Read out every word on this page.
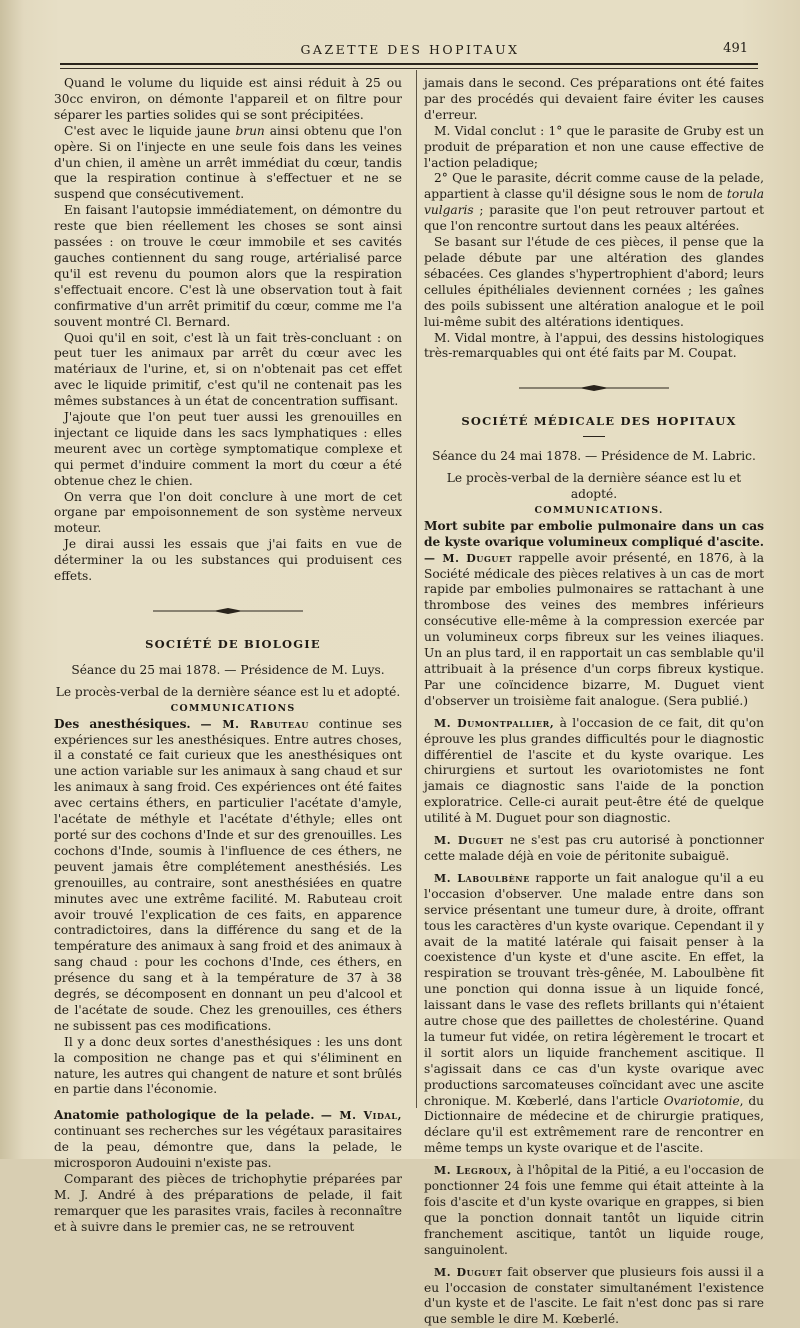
GAZETTE DES HOPITAUX	491

Quand le volume du liquide est ainsi réduit à 25 ou 30cc environ, on démonte l'appareil et on filtre pour séparer les parties solides qui se sont précipitées.

C'est avec le liquide jaune brun ainsi obtenu que l'on opère. Si on l'injecte en une seule fois dans les veines d'un chien, il amène un arrêt immédiat du cœur, tandis que la respiration continue à s'effectuer et ne se suspend que consécutivement.

En faisant l'autopsie immédiatement, on démontre du reste que bien réellement les choses se sont ainsi passées : on trouve le cœur immobile et ses cavités gauches contiennent du sang rouge, artérialisé parce qu'il est revenu du poumon alors que la respiration s'effectuait encore. C'est là une observation tout à fait confirmative d'un arrêt primitif du cœur, comme me l'a souvent montré Cl. Bernard.

Quoi qu'il en soit, c'est là un fait très-concluant : on peut tuer les animaux par arrêt du cœur avec les matériaux de l'urine, et, si on n'obtenait pas cet effet avec le liquide primitif, c'est qu'il ne contenait pas les mêmes substances à un état de concentration suffisant.

J'ajoute que l'on peut tuer aussi les grenouilles en injectant ce liquide dans les sacs lymphatiques : elles meurent avec un cortège symptomatique complexe et qui permet d'induire comment la mort du cœur a été obtenue chez le chien.

On verra que l'on doit conclure à une mort de cet organe par empoisonnement de son système nerveux moteur.

Je dirai aussi les essais que j'ai faits en vue de déterminer la ou les substances qui produisent ces effets.

SOCIÉTÉ DE BIOLOGIE

Séance du 25 mai 1878. — Présidence de M. Luys.

Le procès-verbal de la dernière séance est lu et adopté.

COMMUNICATIONS

Des anesthésiques. — M. Rabuteau continue ses expériences sur les anesthésiques. Entre autres choses, il a constaté ce fait curieux que les anesthésiques ont une action variable sur les animaux à sang chaud et sur les animaux à sang froid. Ces expériences ont été faites avec certains éthers, en particulier l'acétate d'amyle, l'acétate de méthyle et l'acétate d'éthyle; elles ont porté sur des cochons d'Inde et sur des grenouilles. Les cochons d'Inde, soumis à l'influence de ces éthers, ne peuvent jamais être complétement anesthésiés. Les grenouilles, au contraire, sont anesthésiées en quatre minutes avec une extrême facilité. M. Rabuteau croit avoir trouvé l'explication de ces faits, en apparence contradictoires, dans la différence du sang et de la température des animaux à sang froid et des animaux à sang chaud : pour les cochons d'Inde, ces éthers, en présence du sang et à la température de 37 à 38 degrés, se décomposent en donnant un peu d'alcool et de l'acétate de soude. Chez les grenouilles, ces éthers ne subissent pas ces modifications.

Il y a donc deux sortes d'anesthésiques : les uns dont la composition ne change pas et qui s'éliminent en nature, les autres qui changent de nature et sont brûlés en partie dans l'économie.

Anatomie pathologique de la pelade. — M. Vidal, continuant ses recherches sur les végétaux parasitaires de la peau, démontre que, dans la pelade, le microsporon Audouini n'existe pas.

Comparant des pièces de trichophytie préparées par M. J. André à des préparations de pelade, il fait remarquer que les parasites vrais, faciles à reconnaître et à suivre dans le premier cas, ne se retrouvent

jamais dans le second. Ces préparations ont été faites par des procédés qui devaient faire éviter les causes d'erreur.

M. Vidal conclut : 1° que le parasite de Gruby est un produit de préparation et non une cause effective de l'action peladique;

2° Que le parasite, décrit comme cause de la pelade, appartient à classe qu'il désigne sous le nom de torula vulgaris ; parasite que l'on peut retrouver partout et que l'on rencontre surtout dans les peaux altérées.

Se basant sur l'étude de ces pièces, il pense que la pelade débute par une altération des glandes sébacées. Ces glandes s'hypertrophient d'abord; leurs cellules épithéliales deviennent cornées ; les gaînes des poils subissent une altération analogue et le poil lui-même subit des altérations identiques.

M. Vidal montre, à l'appui, des dessins histologiques très-remarquables qui ont été faits par M. Coupat.

SOCIÉTÉ MÉDICALE DES HOPITAUX

Séance du 24 mai 1878. — Présidence de M. Labric.

Le procès-verbal de la dernière séance est lu et adopté.

COMMUNICATIONS.

Mort subite par embolie pulmonaire dans un cas de kyste ovarique volumineux compliqué d'ascite. — M. Duguet rappelle avoir présenté, en 1876, à la Société médicale des pièces relatives à un cas de mort rapide par embolies pulmonaires se rattachant à une thrombose des veines des membres inférieurs consécutive elle-même à la compression exercée par un volumineux corps fibreux sur les veines iliaques. Un an plus tard, il en rapportait un cas semblable qu'il attribuait à la présence d'un corps fibreux kystique. Par une coïncidence bizarre, M. Duguet vient d'observer un troisième fait analogue. (Sera publié.)

M. Dumontpallier, à l'occasion de ce fait, dit qu'on éprouve les plus grandes difficultés pour le diagnostic différentiel de l'ascite et du kyste ovarique. Les chirurgiens et surtout les ovariotomistes ne font jamais ce diagnostic sans l'aide de la ponction exploratrice. Celle-ci aurait peut-être été de quelque utilité à M. Duguet pour son diagnostic.

M. Duguet ne s'est pas cru autorisé à ponctionner cette malade déjà en voie de péritonite subaiguë.

M. Laboulbène rapporte un fait analogue qu'il a eu l'occasion d'observer. Une malade entre dans son service présentant une tumeur dure, à droite, offrant tous les caractères d'un kyste ovarique. Cependant il y avait de la matité latérale qui faisait penser à la coexistence d'un kyste et d'une ascite. En effet, la respiration se trouvant très-gênée, M. Laboulbène fit une ponction qui donna issue à un liquide foncé, laissant dans le vase des reflets brillants qui n'étaient autre chose que des paillettes de cholestérine. Quand la tumeur fut vidée, on retira légèrement le trocart et il sortit alors un liquide franchement ascitique. Il s'agissait dans ce cas d'un kyste ovarique avec productions sarcomateuses coïncidant avec une ascite chronique. M. Kœberlé, dans l'article Ovariotomie, du Dictionnaire de médecine et de chirurgie pratiques, déclare qu'il est extrêmement rare de rencontrer en même temps un kyste ovarique et de l'ascite.

M. Legroux, à l'hôpital de la Pitié, a eu l'occasion de ponctionner 24 fois une femme qui était atteinte à la fois d'ascite et d'un kyste ovarique en grappes, si bien que la ponction donnait tantôt un liquide citrin franchement ascitique, tantôt un liquide rouge, sanguinolent.

M. Duguet fait observer que plusieurs fois aussi il a eu l'occasion de constater simultanément l'existence d'un kyste et de l'ascite. Le fait n'est donc pas si rare que semble le dire M. Kœberlé.
